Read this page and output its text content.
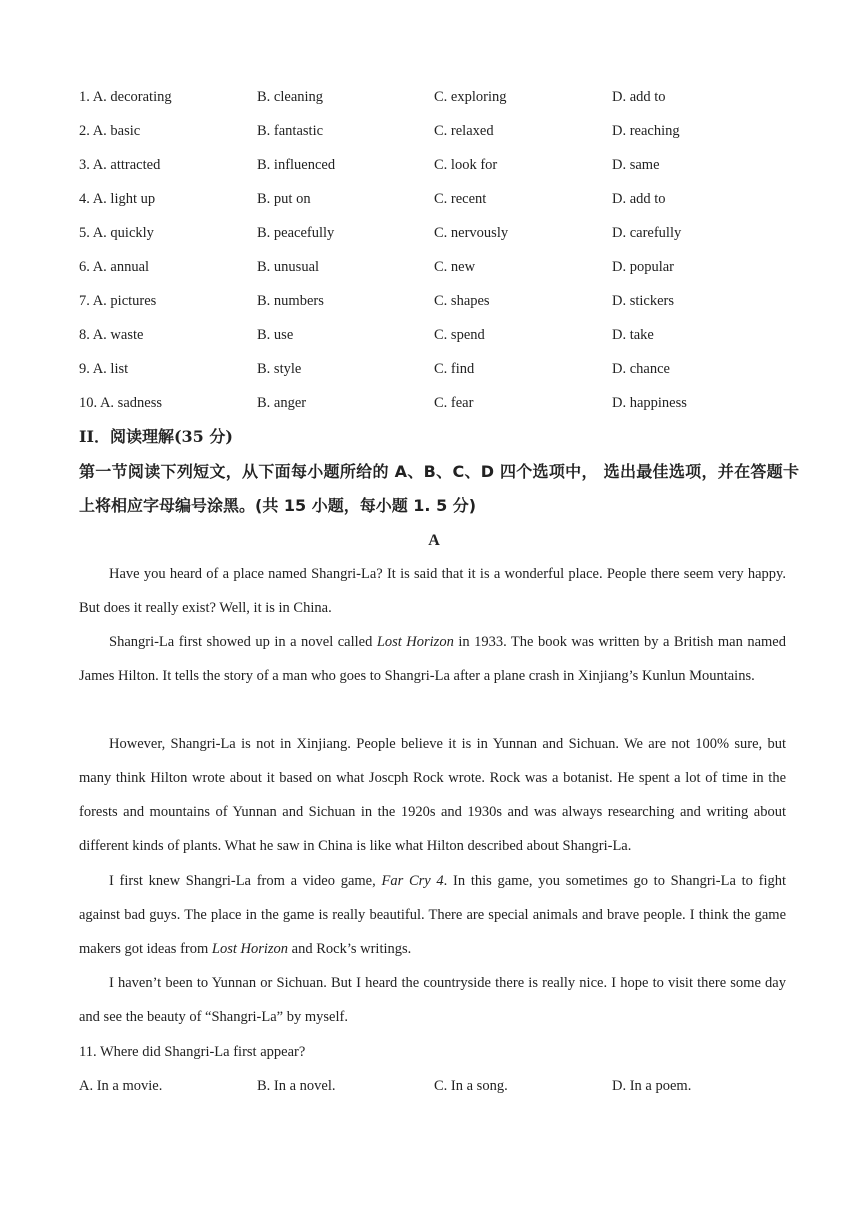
1. A. decorating	B. cleaning	C. exploring	D. add to
2. A. basic	B. fantastic	C. relaxed	D. reaching
3. A. attracted	B. influenced	C. look for	D. same
4. A. light up	B. put on	C. recent	D. add to
5. A. quickly	B. peacefully	C. nervously	D. carefully
6. A. annual	B. unusual	C. new	D. popular
7. A. pictures	B. numbers	C. shapes	D. stickers
8. A. waste	B. use	C. spend	D. take
9. A. list	B. style	C. find	D. chance
10. A. sadness	B. anger	C. fear	D. happiness
II．阅读理解(35 分)
第一节阅读下列短文，从下面每小题所给的 A、B、C、D 四个选项中， 选出最佳选项，并在答题卡上将相应字母编号涂黑。(共 15 小题，每小题 1. 5 分)
A

Have you heard of a place named Shangri-La? It is said that it is a wonderful place. People there seem very happy. But does it really exist? Well, it is in China.

Shangri-La first showed up in a novel called Lost Horizon in 1933. The book was written by a British man named James Hilton. It tells the story of a man who goes to Shangri-La after a plane crash in Xinjiang’s Kunlun Mountains.

However, Shangri-La is not in Xinjiang. People believe it is in Yunnan and Sichuan. We are not 100% sure, but many think Hilton wrote about it based on what Joscph Rock wrote. Rock was a botanist. He spent a lot of time in the forests and mountains of Yunnan and Sichuan in the 1920s and 1930s and was always researching and writing about different kinds of plants. What he saw in China is like what Hilton described about Shangri-La.

I first knew Shangri-La from a video game, Far Cry 4. In this game, you sometimes go to Shangri-La to fight against bad guys. The place in the game is really beautiful. There are special animals and brave people. I think the game makers got ideas from Lost Horizon and Rock’s writings.

I haven’t been to Yunnan or Sichuan. But I heard the countryside there is really nice. I hope to visit there some day and see the beauty of “Shangri-La” by myself.

11. Where did Shangri-La first appear?
A. In a movie.	B. In a novel.	C. In a song.	D. In a poem.
